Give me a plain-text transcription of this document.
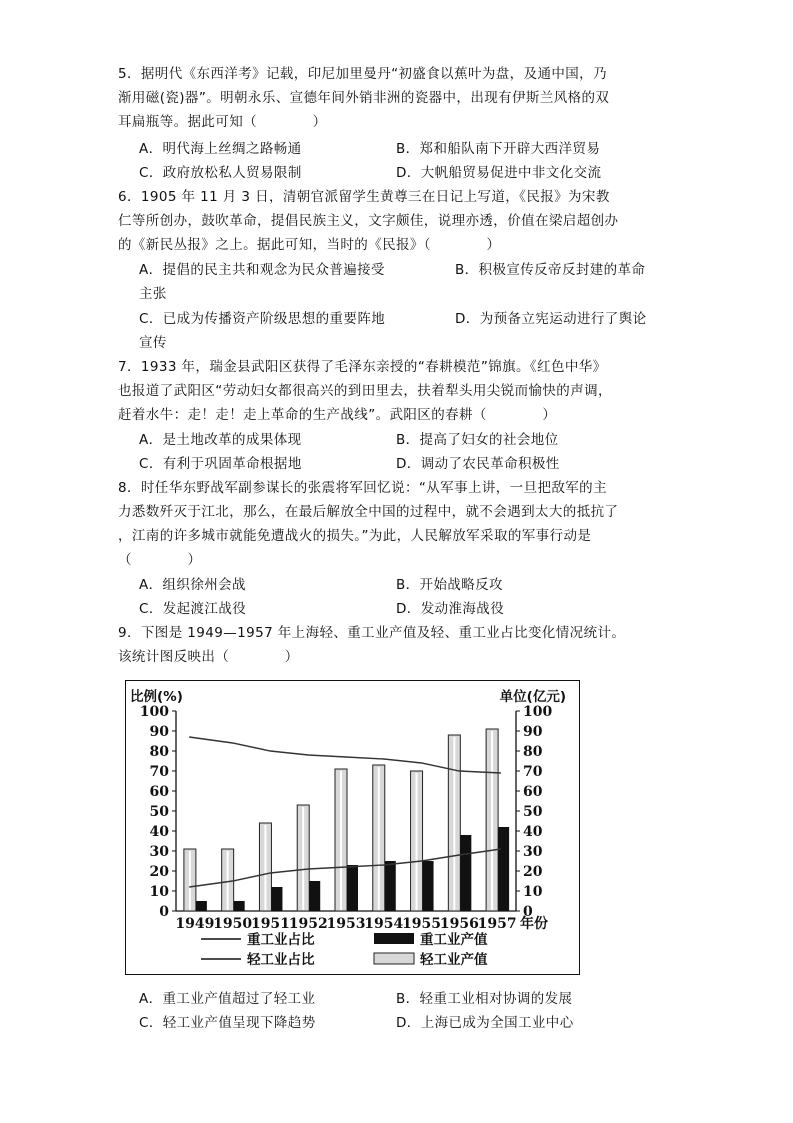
5．据明代《东西洋考》记载，印尼加里曼丹“初盛食以蕉叶为盘，及通中国，乃
渐用磁(瓷)器”。明朝永乐、宣德年间外销非洲的瓷器中，出现有伊斯兰风格的双
耳扁瓶等。据此可知（　　　　）
A．明代海上丝绸之路畅通	B．郑和船队南下开辟大西洋贸易
C．政府放松私人贸易限制	D．大帆船贸易促进中非文化交流
6．1905 年 11 月 3 日，清朝官派留学生黄尊三在日记上写道，《民报》为宋教
仁等所创办，鼓吹革命，提倡民族主义，文字颇佳，说理亦透，价值在梁启超创办
的《新民丛报》之上。据此可知，当时的《民报》（　　　　）
A．提倡的民主共和观念为民众普遍接受	B．积极宣传反帝反封建的革命
主张
C．已成为传播资产阶级思想的重要阵地	D．为预备立宪运动进行了舆论
宣传
7．1933 年，瑞金县武阳区获得了毛泽东亲授的“春耕模范”锦旗。《红色中华》
也报道了武阳区“劳动妇女都很高兴的到田里去，扶着犁头用尖锐而愉快的声调，
赶着水牛：走！走！走上革命的生产战线”。武阳区的春耕（　　　　）
A．是土地改革的成果体现	B．提高了妇女的社会地位
C．有利于巩固革命根据地	D．调动了农民革命积极性
8．时任华东野战军副参谋长的张震将军回忆说：“从军事上讲，一旦把敌军的主
力悉数歼灭于江北，那么，在最后解放全中国的过程中，就不会遇到太大的抵抗了
，江南的许多城市就能免遭战火的损失。”为此，人民解放军采取的军事行动是
（　　　　）
A．组织徐州会战	B．开始战略反攻
C．发起渡江战役	D．发动淮海战役
9．下图是 1949—1957 年上海轻、重工业产值及轻、重工业占比变化情况统计。
该统计图反映出（　　　　）
比例(%)	单位(亿元)
100
90
80
70
60
50
40
30
20
10
0
100
90
80
70
60
50
40
30
20
10
0
1949
1950
1951
1952
1953
1954
1955
1956
1957 年份
重工业占比	重工业产值
轻工业占比	轻工业产值
A．重工业产值超过了轻工业	B．轻重工业相对协调的发展
C．轻工业产值呈现下降趋势	D．上海已成为全国工业中心
